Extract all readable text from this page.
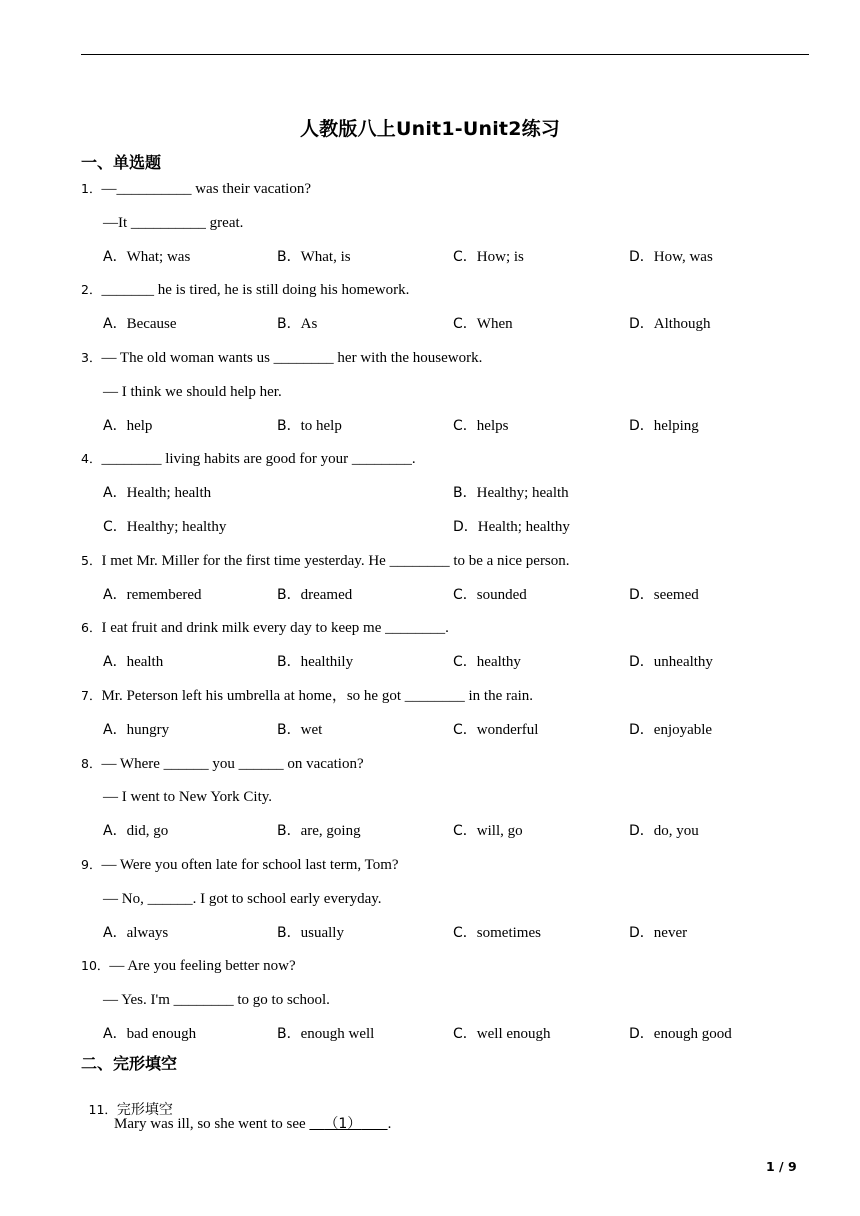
人教版八上Unit1-Unit2练习
一、单选题
1．—__________ was their vacation?
—It __________ great.
A．What; was	B．What, is	C．How; is	D．How, was
2．_______ he is tired, he is still doing his homework.
A．Because	B．As	C．When	D．Although
3．— The old woman wants us ________ her with the housework.
— I think we should help her.
A．help	B．to help	C．helps	D．helping
4．________ living habits are good for your ________.
A．Health; health	B．Healthy; health
C．Healthy; healthy	D．Health; healthy
5．I met Mr. Miller for the first time yesterday. He ________ to be a nice person.
A．remembered	B．dreamed	C．sounded	D．seemed
6．I eat fruit and drink milk every day to keep me ________.
A．health	B．healthily	C．healthy	D．unhealthy
7．Mr. Peterson left his umbrella at home，so he got ________ in the rain.
A．hungry	B．wet	C．wonderful	D．enjoyable
8．— Where ______ you ______ on vacation?
— I went to New York City.
A．did, go	B．are, going	C．will, go	D．do, you
9．— Were you often late for school last term, Tom?
— No, ______. I got to school early everyday.
A．always	B．usually	C．sometimes	D．never
10．— Are you feeling better now?
— Yes. I'm ________ to go to school.
A．bad enough	B．enough well	C．well enough	D．enough good
二、完形填空

11．完形填空

Mary was ill, so she went to see     （1） .
1 / 9
